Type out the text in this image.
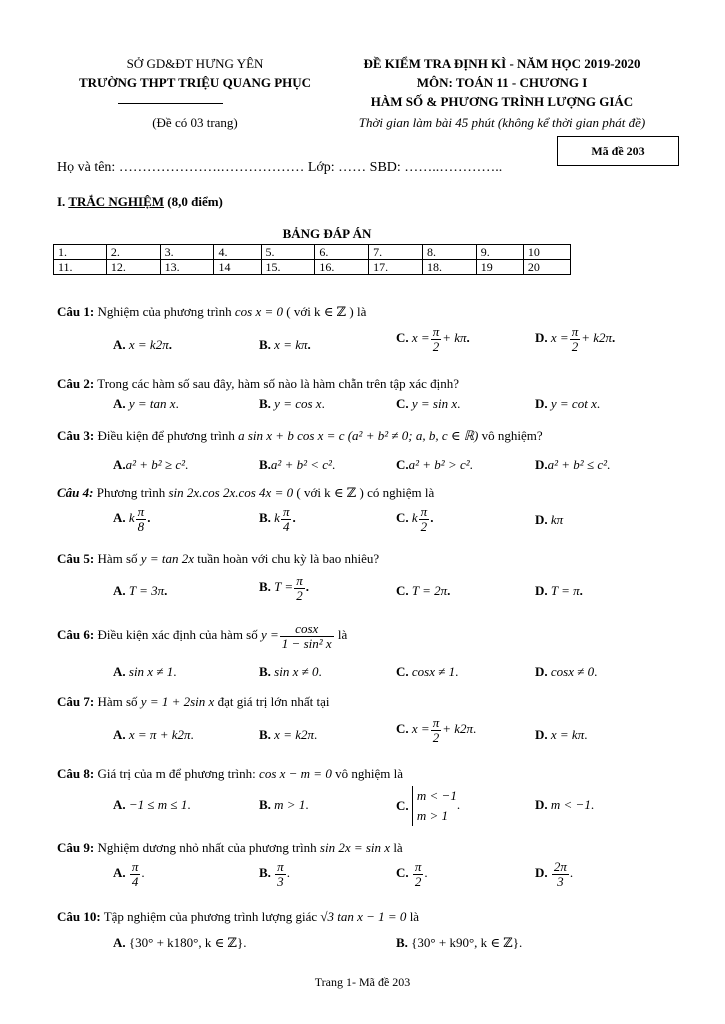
SỞ GD&ĐT HƯNG YÊN
TRƯỜNG THPT TRIỆU QUANG PHỤC
(Đề có 03 trang)
ĐỀ KIỂM TRA ĐỊNH KÌ - NĂM HỌC 2019-2020
MÔN: TOÁN 11 - CHƯƠNG I
HÀM SỐ & PHƯƠNG TRÌNH LƯỢNG GIÁC
Thời gian làm bài 45 phút (không kể thời gian phát đề)
Mã đề 203
Họ và tên: ………………….……………… Lớp: …… SBD: ……..…………..
I. TRẮC NGHIỆM (8,0 điểm)
BẢNG ĐÁP ÁN
1.	2.	3.	4.	5.	6.	7.	8.	9.	10
11.	12.	13.	14	15.	16.	17.	18.	19	20
Câu 1: Nghiệm của phương trình cos x = 0 ( với k ∈ ℤ ) là
A. x = k2π.	B. x = kπ.	C. $x = \frac{\pi}{2} + k\pi$.	D. $x = \frac{\pi}{2} + k2\pi$.
Câu 2: Trong các hàm số sau đây, hàm số nào là hàm chẵn trên tập xác định?
A. y = tan x.	B. y = cos x.	C. y = sin x.	D. y = cot x.
Câu 3: Điều kiện để phương trình a sin x + b cos x = c (a² + b² ≠ 0; a, b, c ∈ ℝ) vô nghiệm?
A.a² + b² ≥ c².	B.a² + b² < c².	C.a² + b² > c².	D.a² + b² ≤ c².
Câu 4: Phương trình sin 2x.cos 2x.cos 4x = 0 ( với k ∈ ℤ ) có nghiệm là
A. k $\frac{\pi}{8}$ .	B. k $\frac{\pi}{4}$ .	C. k $\frac{\pi}{2}$ .	D. kπ
Câu 5: Hàm số y = tan 2x tuần hoàn với chu kỳ là bao nhiêu?
A. T = 3π.	B. $T = \frac{\pi}{2}$ .	C. T = 2π.	D. T = π.
Câu 6: Điều kiện xác định của hàm số $y = \frac{\cos x}{\text{1 − sin² x}}$ là
A. sin x ≠ 1.	B. sin x ≠ 0.	C. cosx ≠ 1.	D. cosx ≠ 0.
Câu 7: Hàm số y = 1 + 2sin x đạt giá trị lớn nhất tại
A. x = π + k2π.	B. x = k2π.	C. $x = \frac{\pi}{2} + k2\pi$.	D. x = kπ.
Câu 8: Giá trị của m để phương trình: cos x − m = 0 vô nghiệm là
A. −1 ≤ m ≤ 1.	B. m > 1.	C.
m < −1
m > 1
.	D. m < −1.
Câu 9: Nghiệm dương nhỏ nhất của phương trình sin 2x = sin x là
A. $\frac{\pi}{4}$ .	B. $\frac{\pi}{3}$ .	C. $\frac{\pi}{2}$ .	D. $\frac{2\pi}{3}$ .
Câu 10: Tập nghiệm của phương trình lượng giác √3 tan x − 1 = 0 là
A. {30° + k180°, k ∈ ℤ}.	B. {30° + k90°, k ∈ ℤ}.
Trang 1- Mã đề 203
